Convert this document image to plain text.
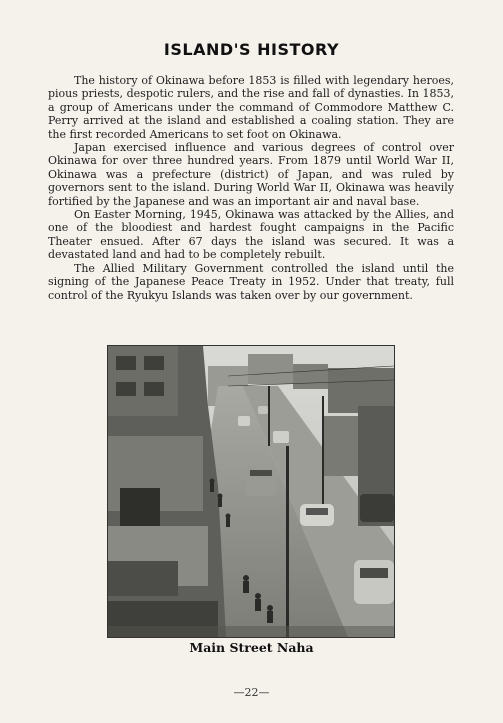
ISLAND'S HISTORY

The history of Okinawa before 1853 is filled with legendary heroes, pious priests, despotic rulers, and the rise and fall of dynasties. In 1853, a group of Americans under the command of Commodore Matthew C. Perry arrived at the island and established a coaling station. They are the first recorded Americans to set foot on Okinawa.

Japan exercised influence and various degrees of control over Okinawa for over three hundred years. From 1879 until World War II, Okinawa was a prefecture (district) of Japan, and was ruled by governors sent to the island. During World War II, Okinawa was heavily fortified by the Japanese and was an important air and naval base.

On Easter Morning, 1945, Okinawa was attacked by the Allies, and one of the bloodiest and hardest fought campaigns in the Pacific Theater ensued. After 67 days the island was secured. It was a devastated land and had to be completely rebuilt.

The Allied Military Government controlled the island until the signing of the Japanese Peace Treaty in 1952. Under that treaty, full control of the Ryukyu Islands was taken over by our government.

Main Street Naha
—22—
